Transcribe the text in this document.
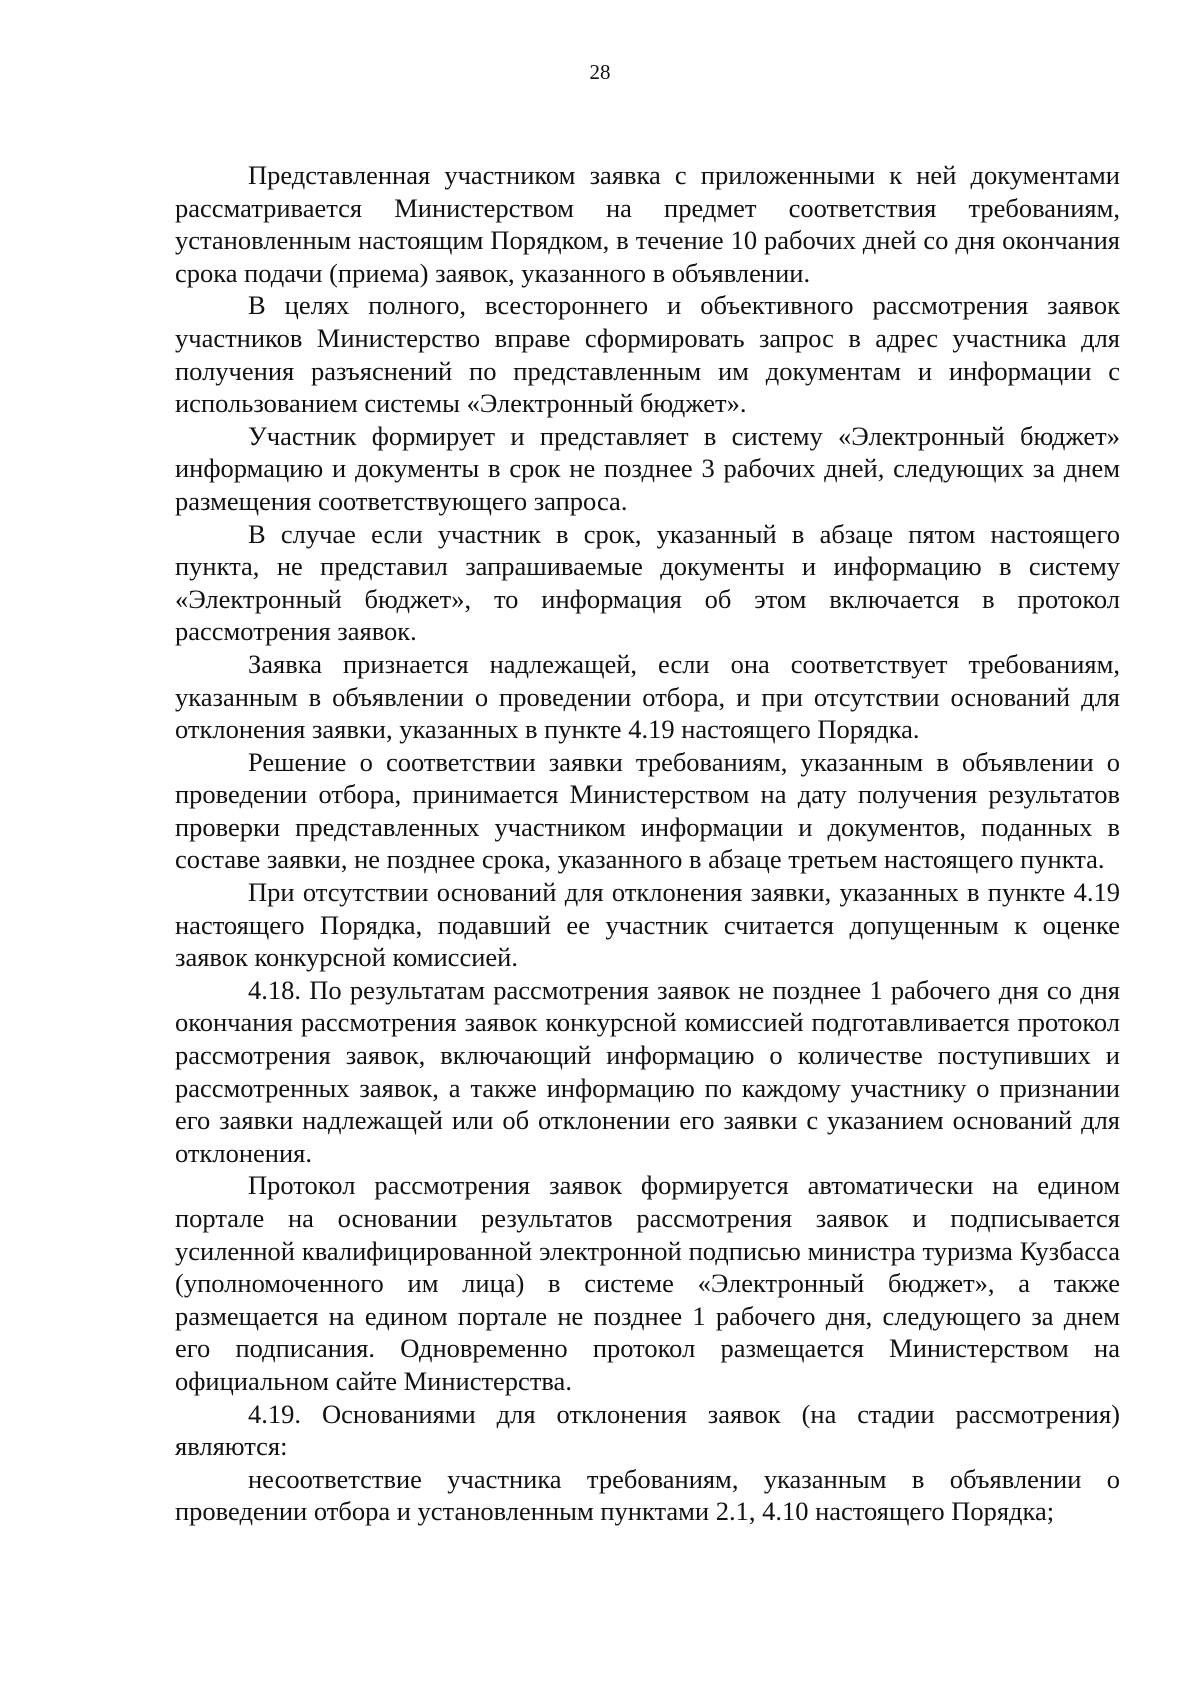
28

Представленная участником заявка с приложенными к ней документами рассматривается Министерством на предмет соответствия требованиям, установленным настоящим Порядком, в течение 10 рабочих дней со дня окончания срока подачи (приема) заявок, указанного в объявлении.

В целях полного, всестороннего и объективного рассмотрения заявок участников Министерство вправе сформировать запрос в адрес участника для получения разъяснений по представленным им документам и информации с использованием системы «Электронный бюджет».

Участник формирует и представляет в систему «Электронный бюджет» информацию и документы в срок не позднее 3 рабочих дней, следующих за днем размещения соответствующего запроса.

В случае если участник в срок, указанный в абзаце пятом настоящего пункта, не представил запрашиваемые документы и информацию в систему «Электронный бюджет», то информация об этом включается в протокол рассмотрения заявок.

Заявка признается надлежащей, если она соответствует требованиям, указанным в объявлении о проведении отбора, и при отсутствии оснований для отклонения заявки, указанных в пункте 4.19 настоящего Порядка.

Решение о соответствии заявки требованиям, указанным в объявлении о проведении отбора, принимается Министерством на дату получения результатов проверки представленных участником информации и документов, поданных в составе заявки, не позднее срока, указанного в абзаце третьем настоящего пункта.

При отсутствии оснований для отклонения заявки, указанных в пункте 4.19 настоящего Порядка, подавший ее участник считается допущенным к оценке заявок конкурсной комиссией.

4.18. По результатам рассмотрения заявок не позднее 1 рабочего дня со дня окончания рассмотрения заявок конкурсной комиссией подготавливается протокол рассмотрения заявок, включающий информацию о количестве поступивших и рассмотренных заявок, а также информацию по каждому участнику о признании его заявки надлежащей или об отклонении его заявки с указанием оснований для отклонения.

Протокол рассмотрения заявок формируется автоматически на едином портале на основании результатов рассмотрения заявок и подписывается усиленной квалифицированной электронной подписью министра туризма Кузбасса (уполномоченного им лица) в системе «Электронный бюджет», а также размещается на едином портале не позднее 1 рабочего дня, следующего за днем его подписания. Одновременно протокол размещается Министерством на официальном сайте Министерства.

4.19. Основаниями для отклонения заявок (на стадии рассмотрения) являются:

несоответствие участника требованиям, указанным в объявлении о проведении отбора и установленным пунктами 2.1, 4.10 настоящего Порядка;
